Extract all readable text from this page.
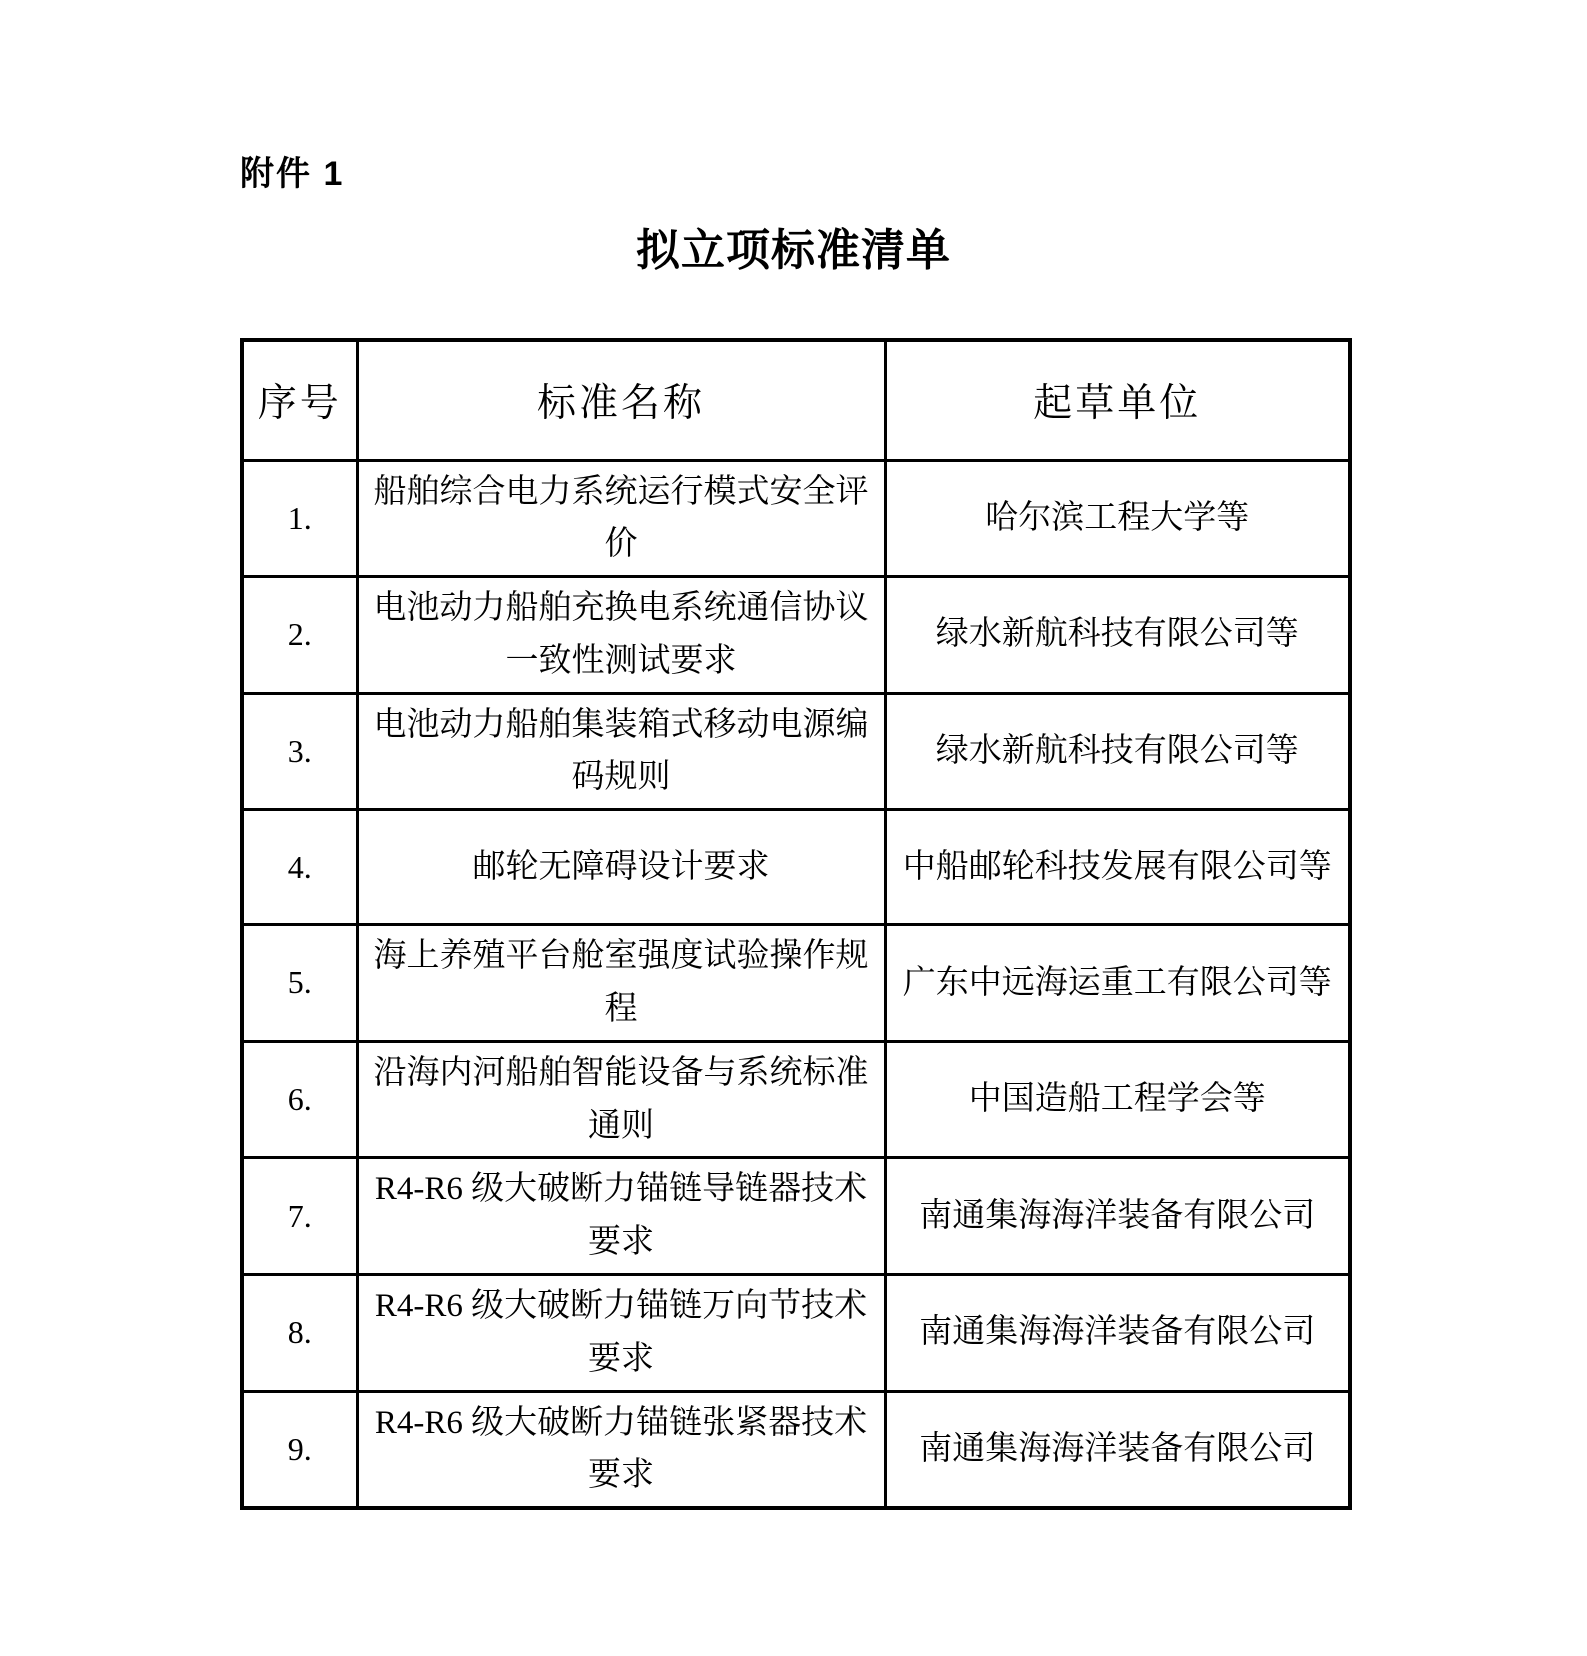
附件 1
拟立项标准清单
序号	标准名称	起草单位
1.	船舶综合电力系统运行模式安全评价	哈尔滨工程大学等
2.	电池动力船舶充换电系统通信协议一致性测试要求	绿水新航科技有限公司等
3.	电池动力船舶集装箱式移动电源编码规则	绿水新航科技有限公司等
4.	邮轮无障碍设计要求	中船邮轮科技发展有限公司等
5.	海上养殖平台舱室强度试验操作规程	广东中远海运重工有限公司等
6.	沿海内河船舶智能设备与系统标准通则	中国造船工程学会等
7.	R4-R6 级大破断力锚链导链器技术要求	南通集海海洋装备有限公司
8.	R4-R6 级大破断力锚链万向节技术要求	南通集海海洋装备有限公司
9.	R4-R6 级大破断力锚链张紧器技术要求	南通集海海洋装备有限公司
